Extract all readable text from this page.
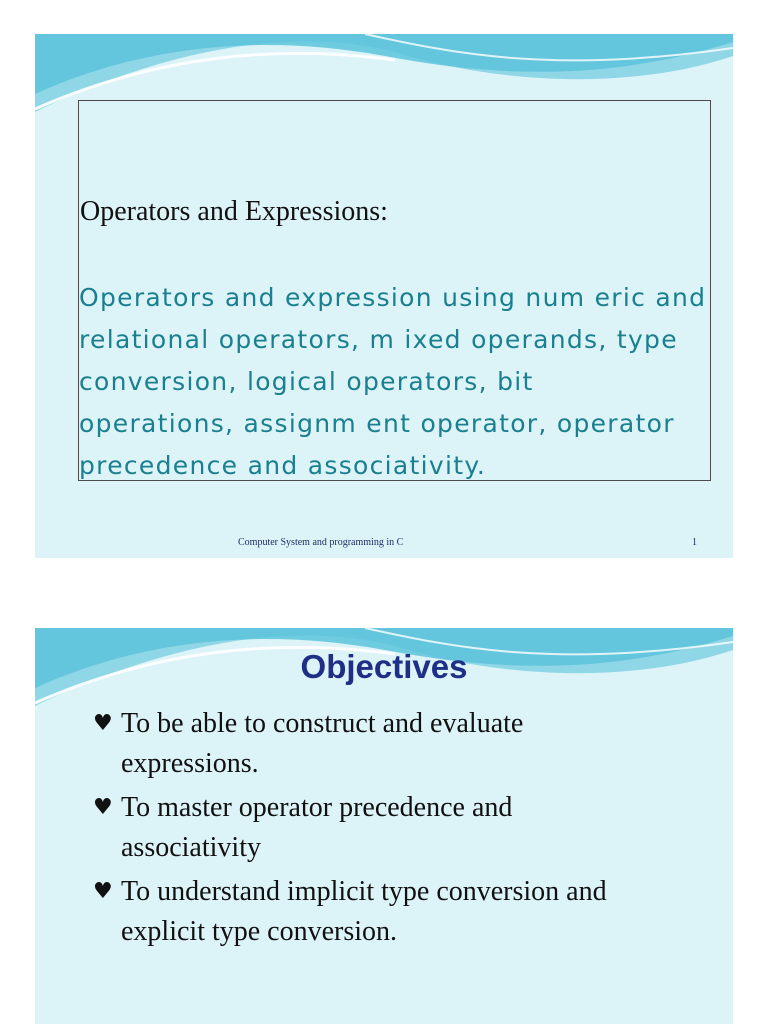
Operators and Expressions:

Operators and expression using num eric and
relational operators, m ixed operands, type
conversion, logical operators, bit
operations, assignm ent operator, operator
precedence and associativity.

Computer System and programming in C	1
Objectives
♥ To be able to construct and evaluate
expressions.
♥ To master operator precedence and
associativity
♥ To understand implicit type conversion and
explicit type conversion.
